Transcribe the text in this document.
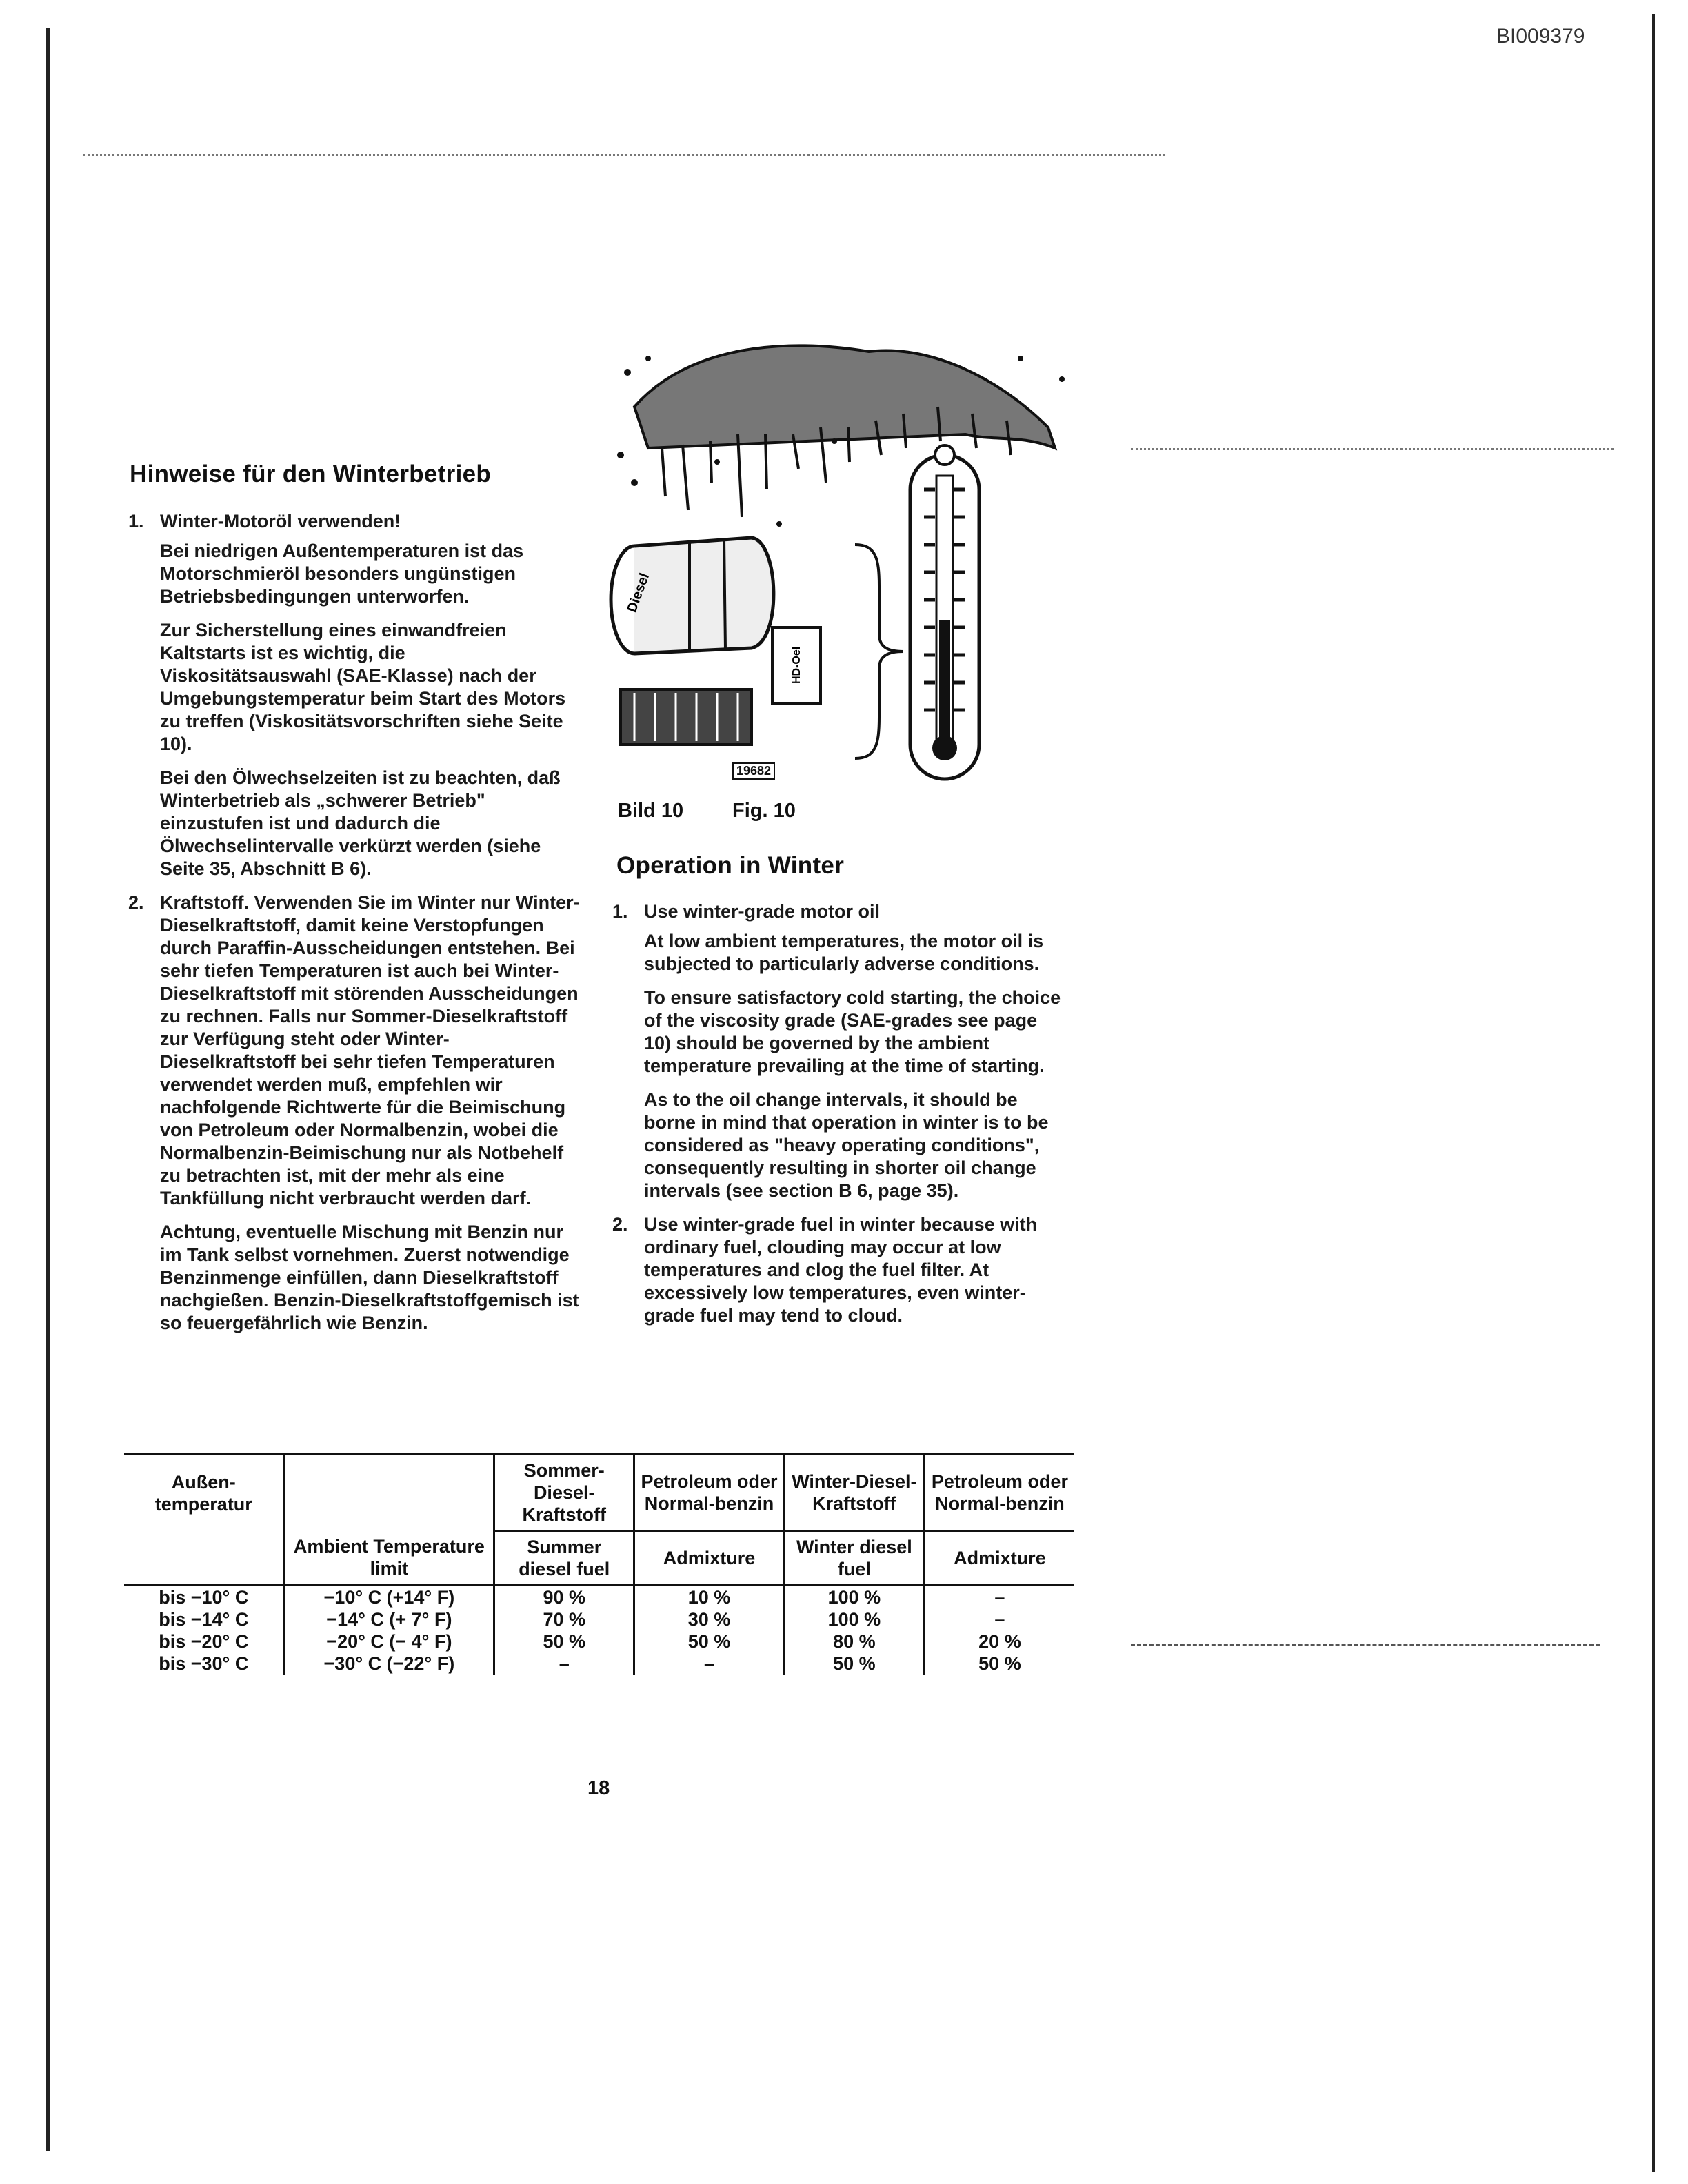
BI009379
Hinweise für den Winterbetrieb
1. Winter-Motoröl verwenden!

Bei niedrigen Außentemperaturen ist das Motorschmieröl besonders ungünstigen Betriebsbedingungen unterworfen.

Zur Sicherstellung eines einwandfreien Kaltstarts ist es wichtig, die Viskositätsauswahl (SAE-Klasse) nach der Umgebungstemperatur beim Start des Motors zu treffen (Viskositätsvorschriften siehe Seite 10).

Bei den Ölwechselzeiten ist zu beachten, daß Winterbetrieb als „schwerer Betrieb" einzustufen ist und dadurch die Ölwechselintervalle verkürzt werden (siehe Seite 35, Abschnitt B 6).

2. Kraftstoff. Verwenden Sie im Winter nur Winter-Dieselkraftstoff, damit keine Verstopfungen durch Paraffin-Ausscheidungen entstehen. Bei sehr tiefen Temperaturen ist auch bei Winter-Dieselkraftstoff mit störenden Ausscheidungen zu rechnen. Falls nur Sommer-Dieselkraftstoff zur Verfügung steht oder Winter-Dieselkraftstoff bei sehr tiefen Temperaturen verwendet werden muß, empfehlen wir nachfolgende Richtwerte für die Beimischung von Petroleum oder Normalbenzin, wobei die Normalbenzin-Beimischung nur als Notbehelf zu betrachten ist, mit der mehr als eine Tankfüllung nicht verbraucht werden darf.

Achtung, eventuelle Mischung mit Benzin nur im Tank selbst vornehmen. Zuerst notwendige Benzinmenge einfüllen, dann Dieselkraftstoff nachgießen. Benzin-Dieselkraftstoffgemisch ist so feuergefährlich wie Benzin.

Diesel
HD-Oel
19682
Bild 10 Fig. 10
Operation in Winter
1. Use winter-grade motor oil

At low ambient temperatures, the motor oil is subjected to particularly adverse conditions.

To ensure satisfactory cold starting, the choice of the viscosity grade (SAE-grades see page 10) should be governed by the ambient temperature prevailing at the time of starting.

As to the oil change intervals, it should be borne in mind that operation in winter is to be considered as "heavy operating conditions", consequently resulting in shorter oil change intervals (see section B 6, page 35).

2. Use winter-grade fuel in winter because with ordinary fuel, clouding may occur at low temperatures and clog the fuel filter. At excessively low temperatures, even winter-grade fuel may tend to cloud.

Außen-temperatur		Sommer-Diesel-Kraftstoff	Petroleum oder Normal-benzin	Winter-Diesel-Kraftstoff	Petroleum oder Normal-benzin
	Ambient Temperature limit	Summer diesel fuel	Admixture	Winter diesel fuel	Admixture
bis −10° C	−10° C (+14° F)	90 %	10 %	100 %	–
bis −14° C	−14° C (+ 7° F)	70 %	30 %	100 %	–
bis −20° C	−20° C (− 4° F)	50 %	50 %	80 %	20 %
bis −30° C	−30° C (−22° F)	–	–	50 %	50 %
18
